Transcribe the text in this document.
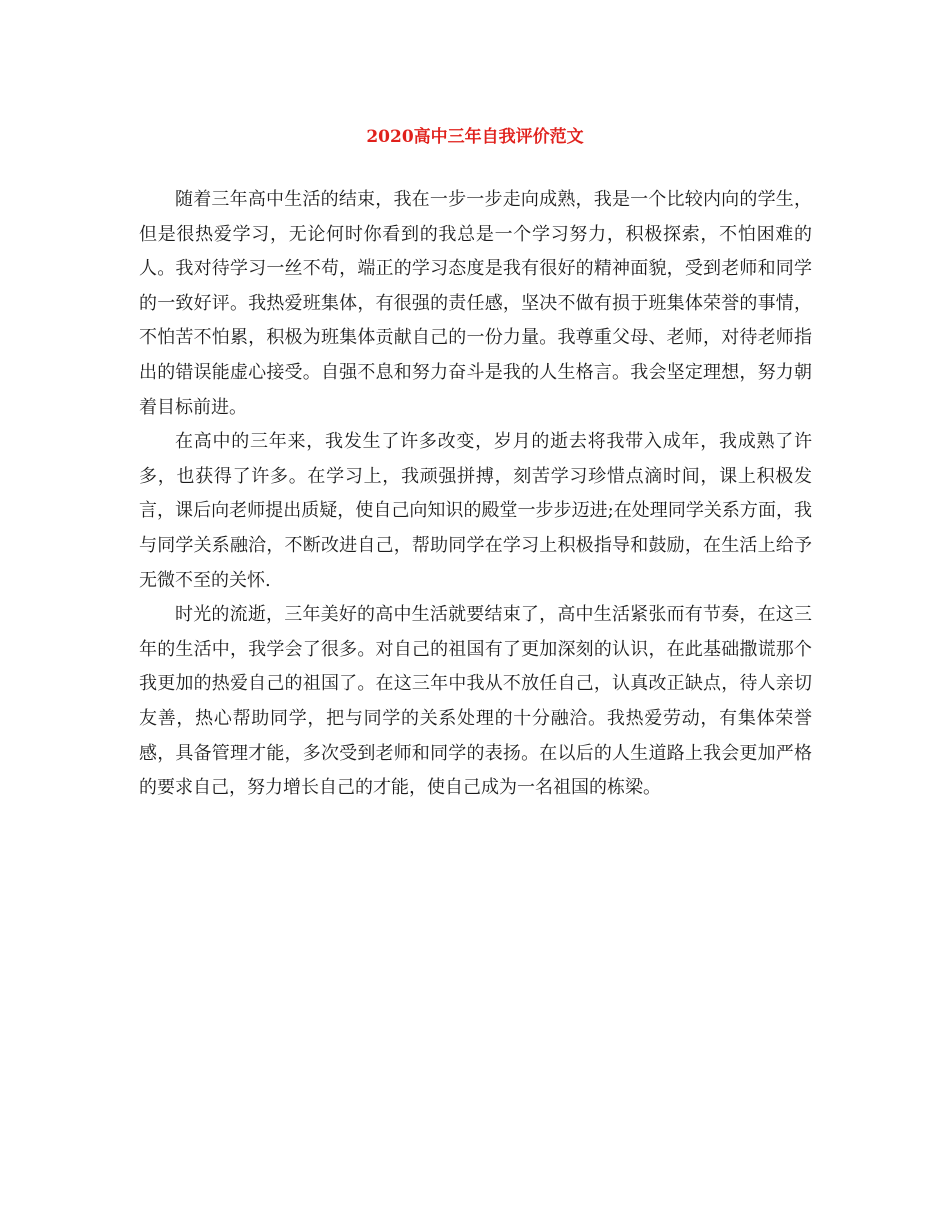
2020高中三年自我评价范文

随着三年高中生活的结束，我在一步一步走向成熟，我是一个比较内向的学生，但是很热爱学习，无论何时你看到的我总是一个学习努力，积极探索，不怕困难的人。我对待学习一丝不苟，端正的学习态度是我有很好的精神面貌，受到老师和同学的一致好评。我热爱班集体，有很强的责任感，坚决不做有损于班集体荣誉的事情，不怕苦不怕累，积极为班集体贡献自己的一份力量。我尊重父母、老师，对待老师指出的错误能虚心接受。自强不息和努力奋斗是我的人生格言。我会坚定理想，努力朝着目标前进。

在高中的三年来，我发生了许多改变，岁月的逝去将我带入成年，我成熟了许多，也获得了许多。在学习上，我顽强拼搏，刻苦学习珍惜点滴时间，课上积极发言，课后向老师提出质疑，使自己向知识的殿堂一步步迈进;在处理同学关系方面，我与同学关系融洽，不断改进自己，帮助同学在学习上积极指导和鼓励，在生活上给予无微不至的关怀.

时光的流逝，三年美好的高中生活就要结束了，高中生活紧张而有节奏，在这三年的生活中，我学会了很多。对自己的祖国有了更加深刻的认识，在此基础撒谎那个我更加的热爱自己的祖国了。在这三年中我从不放任自己，认真改正缺点，待人亲切友善，热心帮助同学，把与同学的关系处理的十分融洽。我热爱劳动，有集体荣誉感，具备管理才能，多次受到老师和同学的表扬。在以后的人生道路上我会更加严格的要求自己，努力增长自己的才能，使自己成为一名祖国的栋梁。
